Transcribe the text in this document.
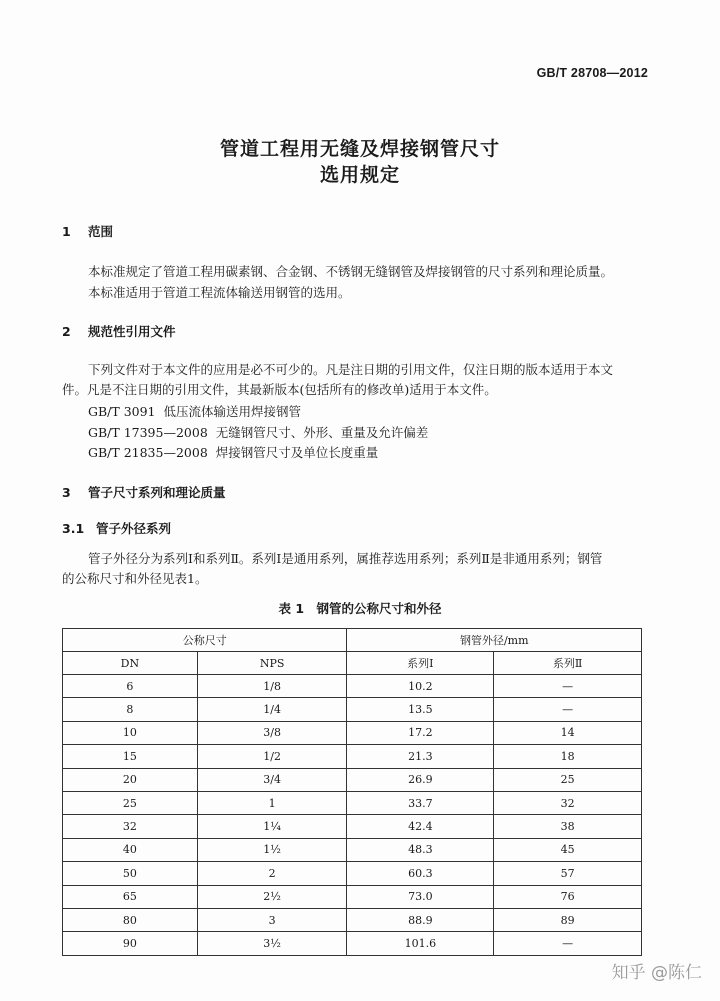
GB/T 28708—2012
管道工程用无缝及焊接钢管尺寸
选用规定
1 范围
本标准规定了管道工程用碳素钢、合金钢、不锈钢无缝钢管及焊接钢管的尺寸系列和理论质量。
本标准适用于管道工程流体输送用钢管的选用。
2 规范性引用文件
下列文件对于本文件的应用是必不可少的。凡是注日期的引用文件，仅注日期的版本适用于本文
件。凡是不注日期的引用文件，其最新版本(包括所有的修改单)适用于本文件。
GB/T 3091 低压流体输送用焊接钢管
GB/T 17395—2008 无缝钢管尺寸、外形、重量及允许偏差
GB/T 21835—2008 焊接钢管尺寸及单位长度重量
3 管子尺寸系列和理论质量
3.1 管子外径系列
管子外径分为系列Ⅰ和系列Ⅱ。系列Ⅰ是通用系列，属推荐选用系列；系列Ⅱ是非通用系列；钢管
的公称尺寸和外径见表1。
表 1　钢管的公称尺寸和外径
公称尺寸		钢管外径/mm	
DN	NPS	系列Ⅰ	系列Ⅱ
6	1/8	10.2	—
8	1/4	13.5	—
10	3/8	17.2	14
15	1/2	21.3	18
20	3/4	26.9	25
25	1	33.7	32
32	1¼	42.4	38
40	1½	48.3	45
50	2	60.3	57
65	2½	73.0	76
80	3	88.9	89
90	3½	101.6	—
知乎 @陈仁
